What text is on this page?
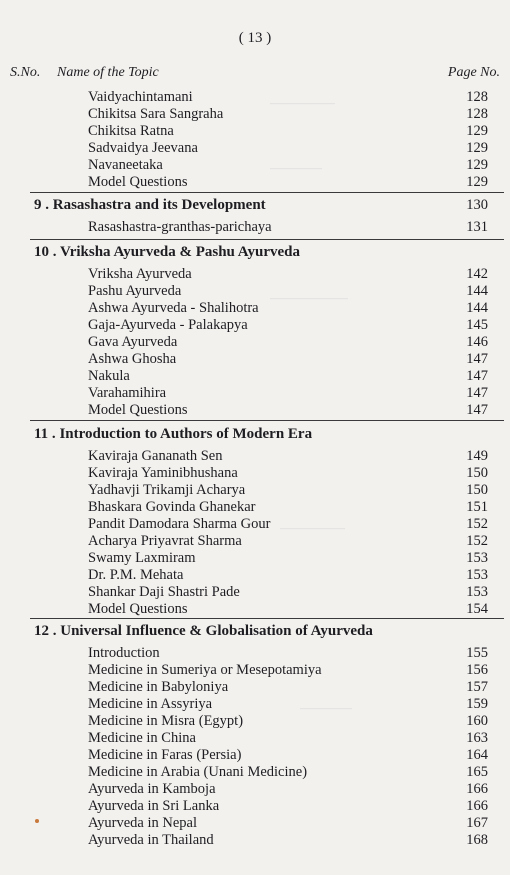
—————
————
——————
—————
————
( 13 )
S.No. Name of the Topic	Page No.
Vaidyachintamani	128
Chikitsa Sara Sangraha	128
Chikitsa Ratna	129
Sadvaidya Jeevana	129
Navaneetaka	129
Model Questions	129
9 . Rasashastra and its Development	130
Rasashastra-granthas-parichaya	131
10 . Vriksha Ayurveda & Pashu Ayurveda
Vriksha Ayurveda	142
Pashu Ayurveda	144
Ashwa Ayurveda - Shalihotra	144
Gaja-Ayurveda - Palakapya	145
Gava Ayurveda	146
Ashwa Ghosha	147
Nakula	147
Varahamihira	147
Model Questions	147
11 . Introduction to Authors of Modern Era
Kaviraja Gananath Sen	149
Kaviraja Yaminibhushana	150
Yadhavji Trikamji Acharya	150
Bhaskara Govinda Ghanekar	151
Pandit Damodara Sharma Gour	152
Acharya Priyavrat Sharma	152
Swamy Laxmiram	153
Dr. P.M. Mehata	153
Shankar Daji Shastri Pade	153
Model Questions	154
12 . Universal Influence & Globalisation of Ayurveda
Introduction	155
Medicine in Sumeriya or Mesepotamiya	156
Medicine in Babyloniya	157
Medicine in Assyriya	159
Medicine in Misra (Egypt)	160
Medicine in China	163
Medicine in Faras (Persia)	164
Medicine in Arabia (Unani Medicine)	165
Ayurveda in Kamboja	166
Ayurveda in Sri Lanka	166
Ayurveda in Nepal	167
Ayurveda in Thailand	168
